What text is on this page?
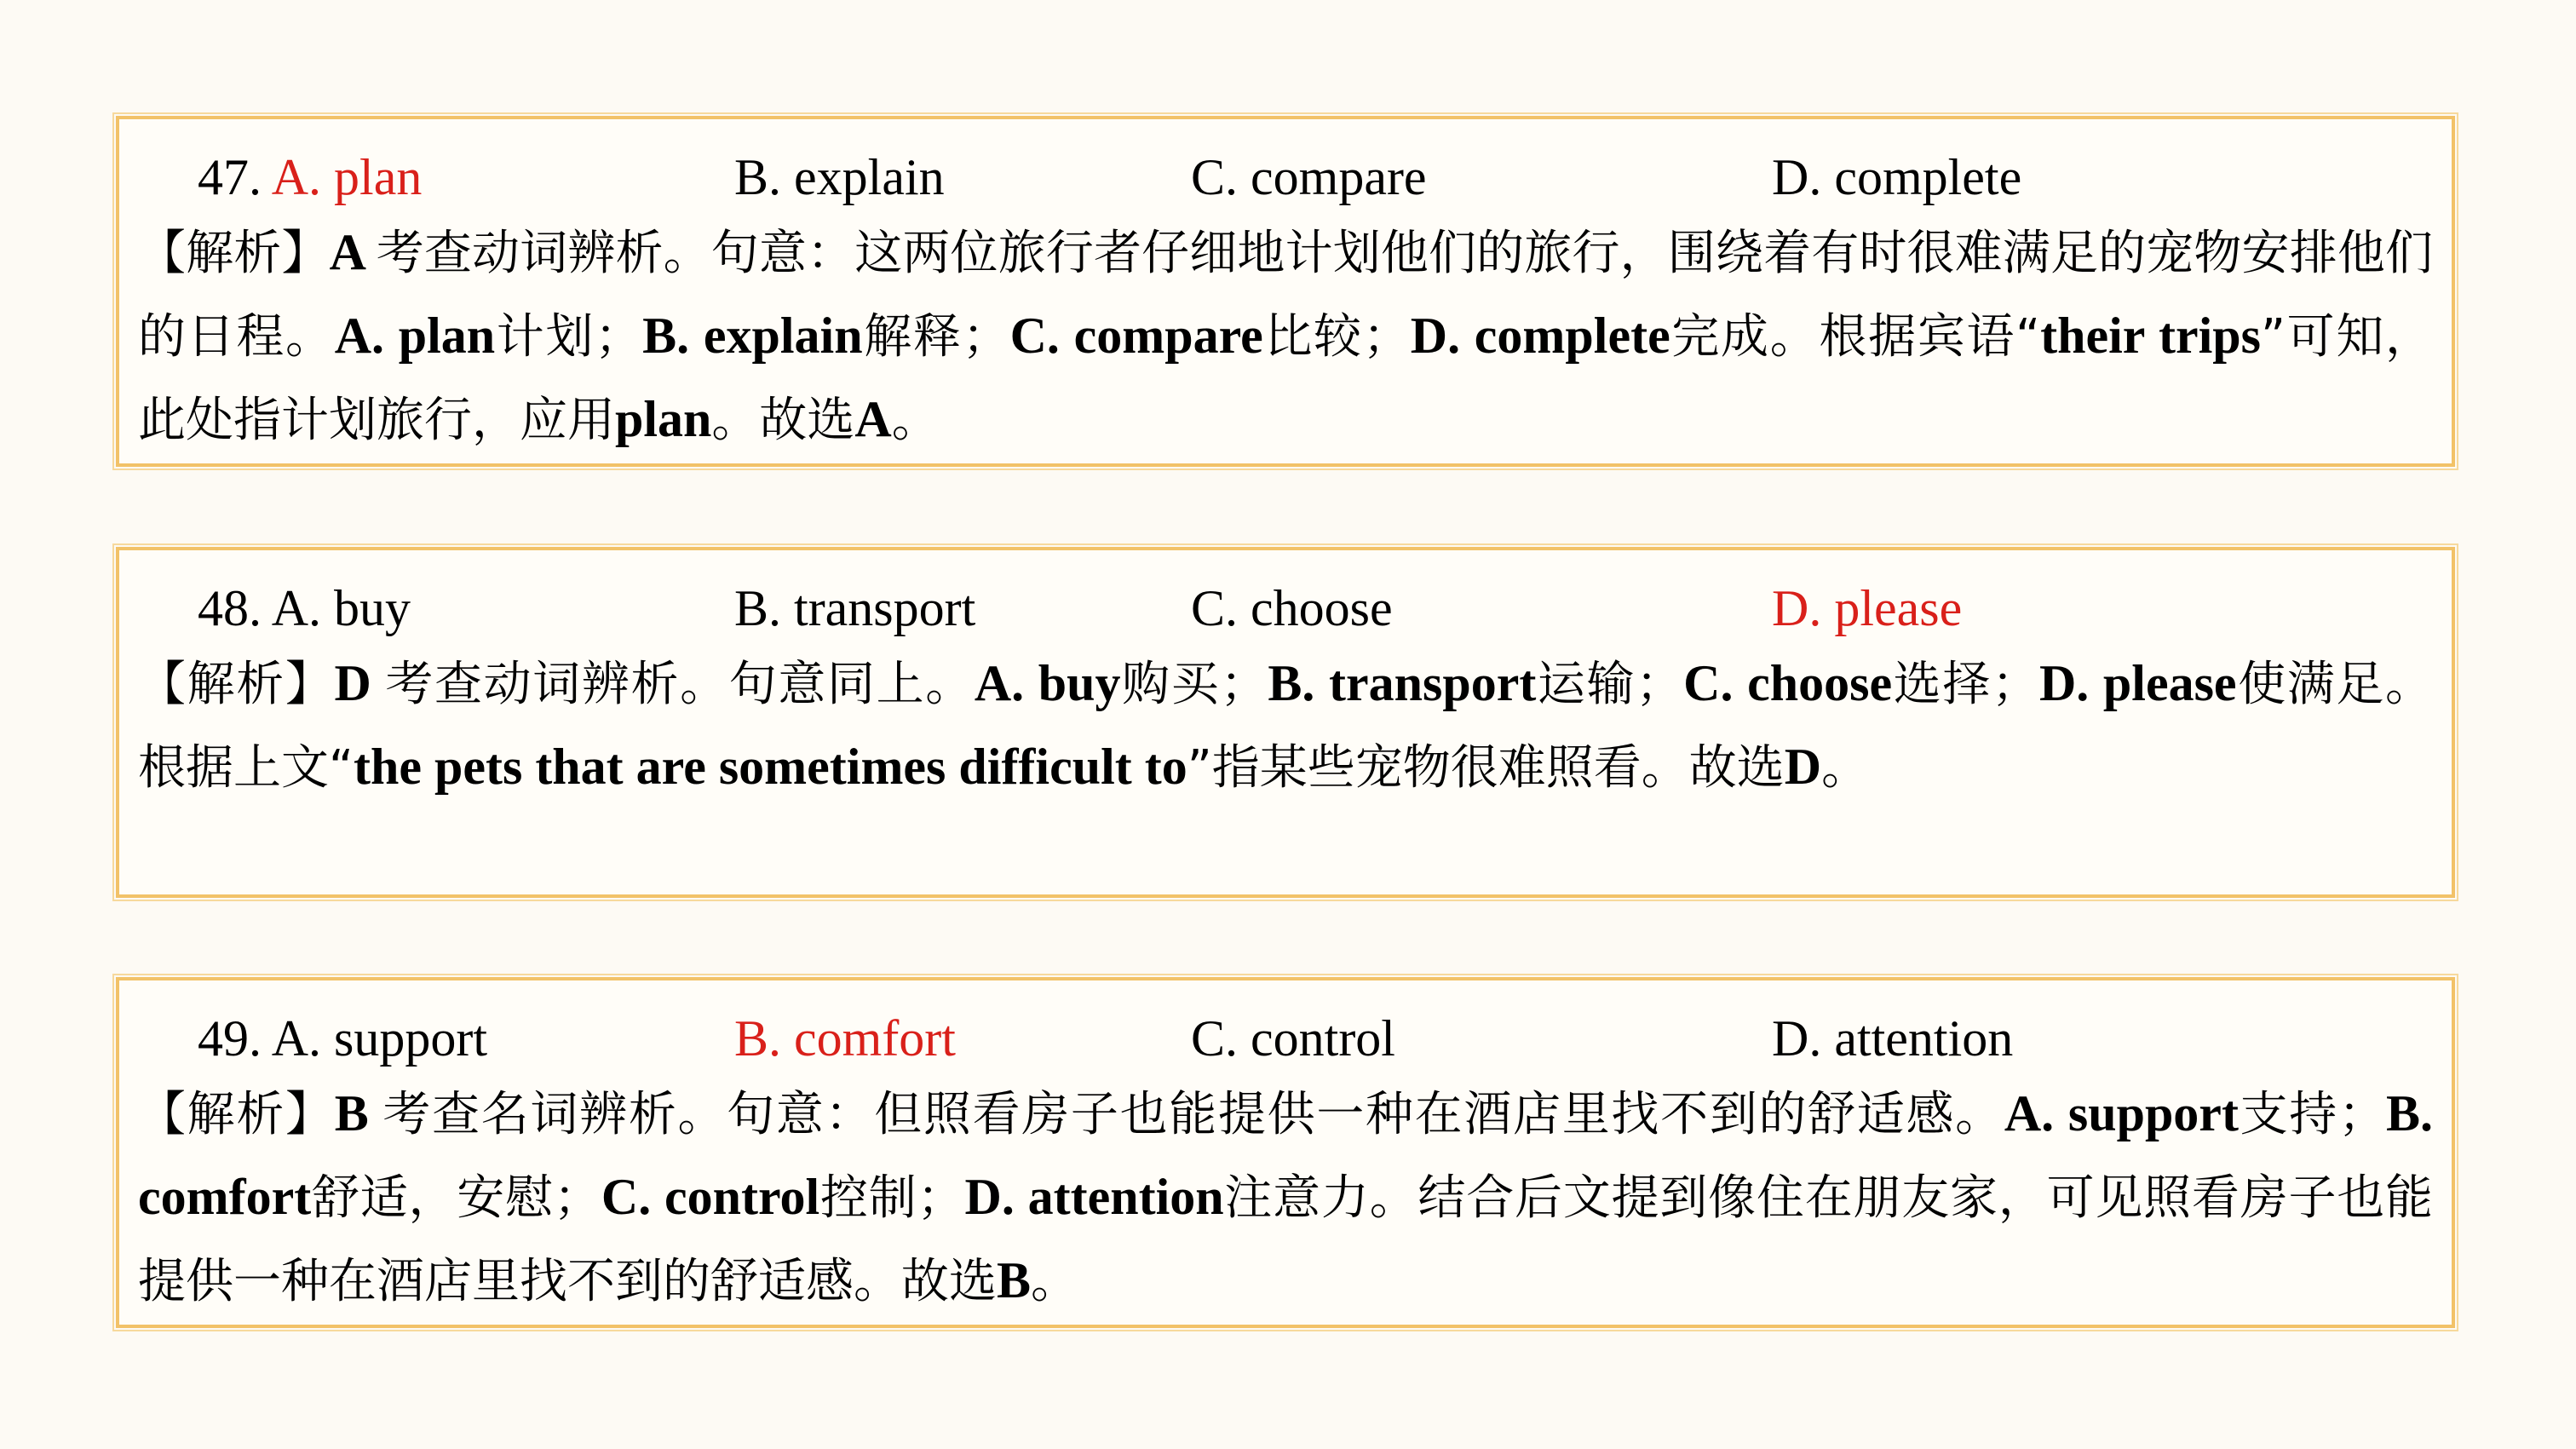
47. A. plan	B. explain	C. compare	D. complete
【解析】A 考查动词辨析。句意：这两位旅行者仔细地计划他们的旅行，围绕着有时很难满足的宠物安排他们的日程。A. plan计划；B. explain解释；C. compare比较；D. complete完成。根据宾语“their trips”可知，此处指计划旅行，应用plan。故选A。
48. A. buy	B. transport	C. choose	D. please
【解析】D 考查动词辨析。句意同上。A. buy购买；B. transport运输；C. choose选择；D. please使满足。根据上文“the pets that are sometimes difficult to”指某些宠物很难照看。故选D。
49. A. support	B. comfort	C. control	D. attention
【解析】B 考查名词辨析。句意：但照看房子也能提供一种在酒店里找不到的舒适感。A. support支持；B. comfort舒适，安慰；C. control控制；D. attention注意力。结合后文提到像住在朋友家，可见照看房子也能提供一种在酒店里找不到的舒适感。故选B。
